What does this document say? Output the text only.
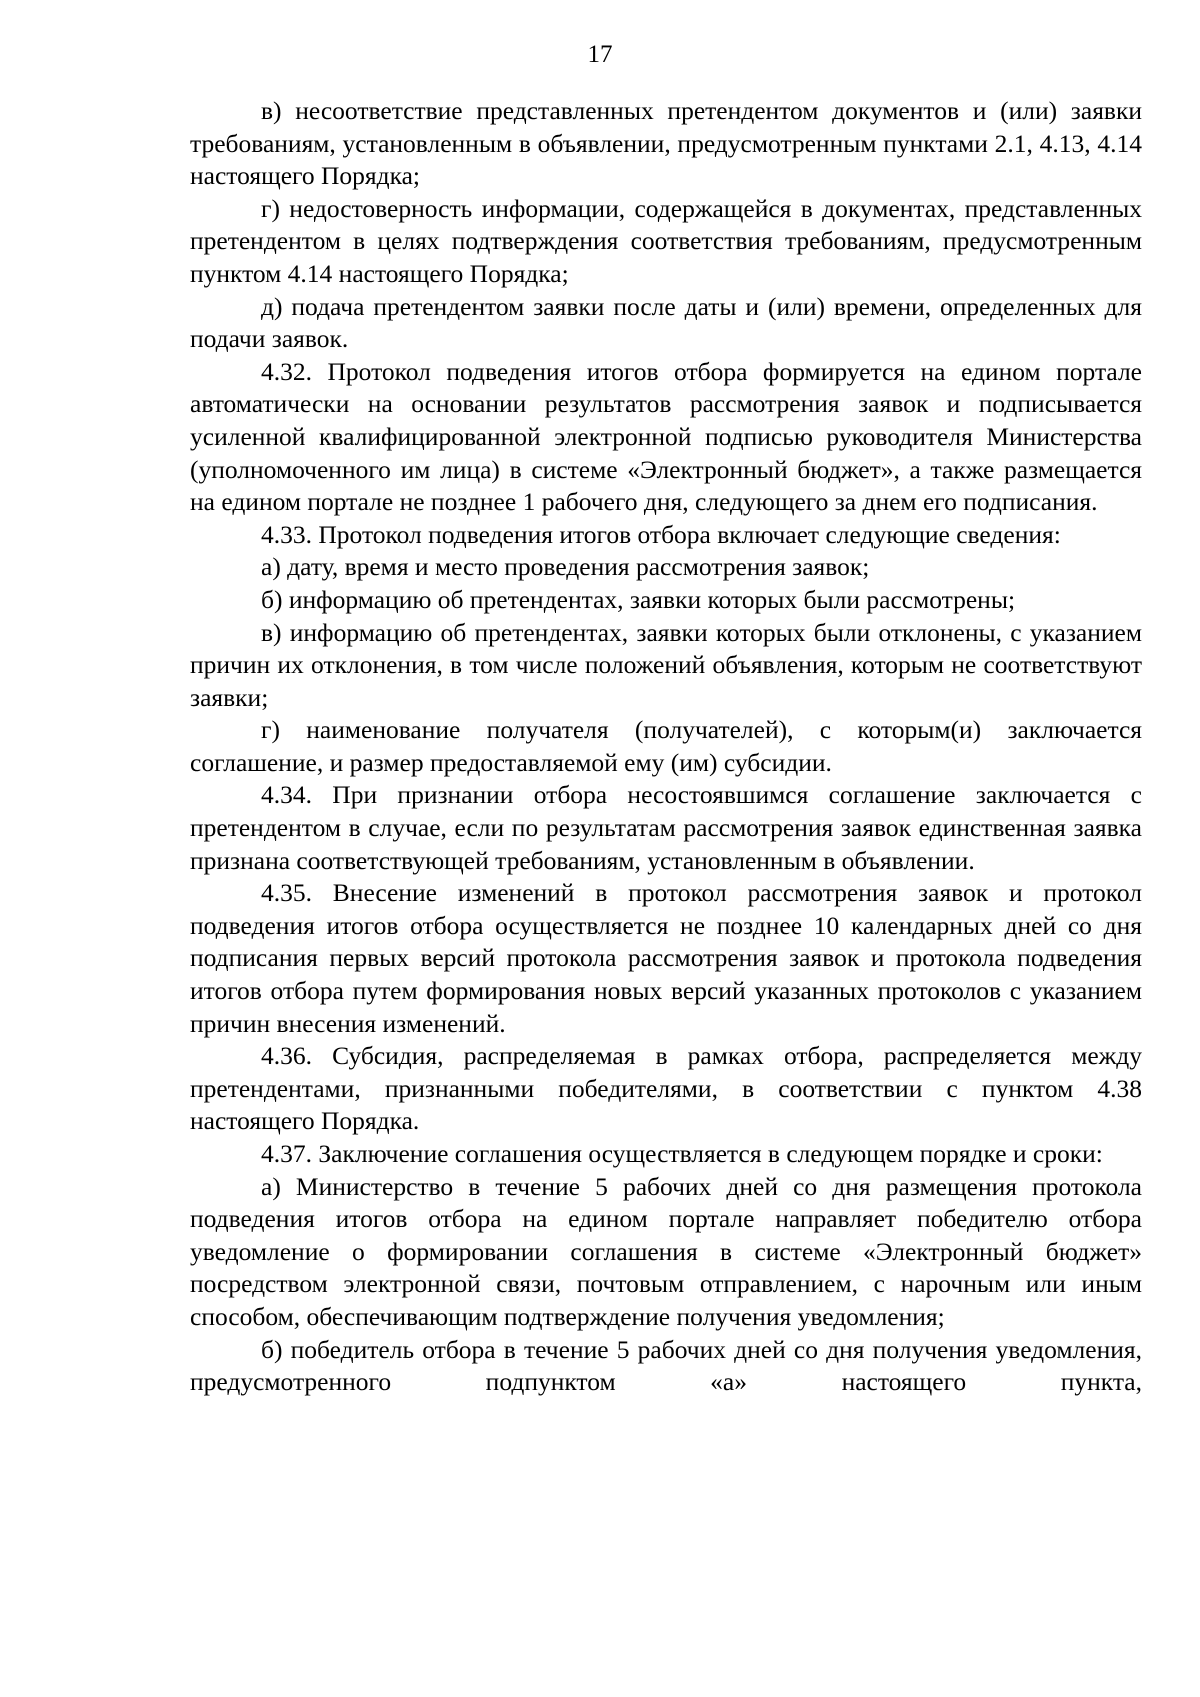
17

в) несоответствие представленных претендентом документов и (или) заявки требованиям, установленным в объявлении, предусмотренным пунктами 2.1, 4.13, 4.14 настоящего Порядка;

г) недостоверность информации, содержащейся в документах, представленных претендентом в целях подтверждения соответствия требованиям, предусмотренным пунктом 4.14 настоящего Порядка;

д) подача претендентом заявки после даты и (или) времени, определенных для подачи заявок.

4.32. Протокол подведения итогов отбора формируется на едином портале автоматически на основании результатов рассмотрения заявок и подписывается усиленной квалифицированной электронной подписью руководителя Министерства (уполномоченного им лица) в системе «Электронный бюджет», а также размещается на едином портале не позднее 1 рабочего дня, следующего за днем его подписания.

4.33. Протокол подведения итогов отбора включает следующие сведения:

а) дату, время и место проведения рассмотрения заявок;

б) информацию об претендентах, заявки которых были рассмотрены;

в) информацию об претендентах, заявки которых были отклонены, с указанием причин их отклонения, в том числе положений объявления, которым не соответствуют заявки;

г) наименование получателя (получателей), с которым(и) заключается соглашение, и размер предоставляемой ему (им) субсидии.

4.34. При признании отбора несостоявшимся соглашение заключается с претендентом в случае, если по результатам рассмотрения заявок единственная заявка признана соответствующей требованиям, установленным в объявлении.

4.35. Внесение изменений в протокол рассмотрения заявок и протокол подведения итогов отбора осуществляется не позднее 10 календарных дней со дня подписания первых версий протокола рассмотрения заявок и протокола подведения итогов отбора путем формирования новых версий указанных протоколов с указанием причин внесения изменений.

4.36. Субсидия, распределяемая в рамках отбора, распределяется между претендентами, признанными победителями, в соответствии с пунктом 4.38 настоящего Порядка.

4.37. Заключение соглашения осуществляется в следующем порядке и сроки:

а) Министерство в течение 5 рабочих дней со дня размещения протокола подведения итогов отбора на едином портале направляет победителю отбора уведомление о формировании соглашения в системе «Электронный бюджет» посредством электронной связи, почтовым отправлением, с нарочным или иным способом, обеспечивающим подтверждение получения уведомления;

б) победитель отбора в течение 5 рабочих дней со дня получения уведомления, предусмотренного подпунктом «а» настоящего пункта,
